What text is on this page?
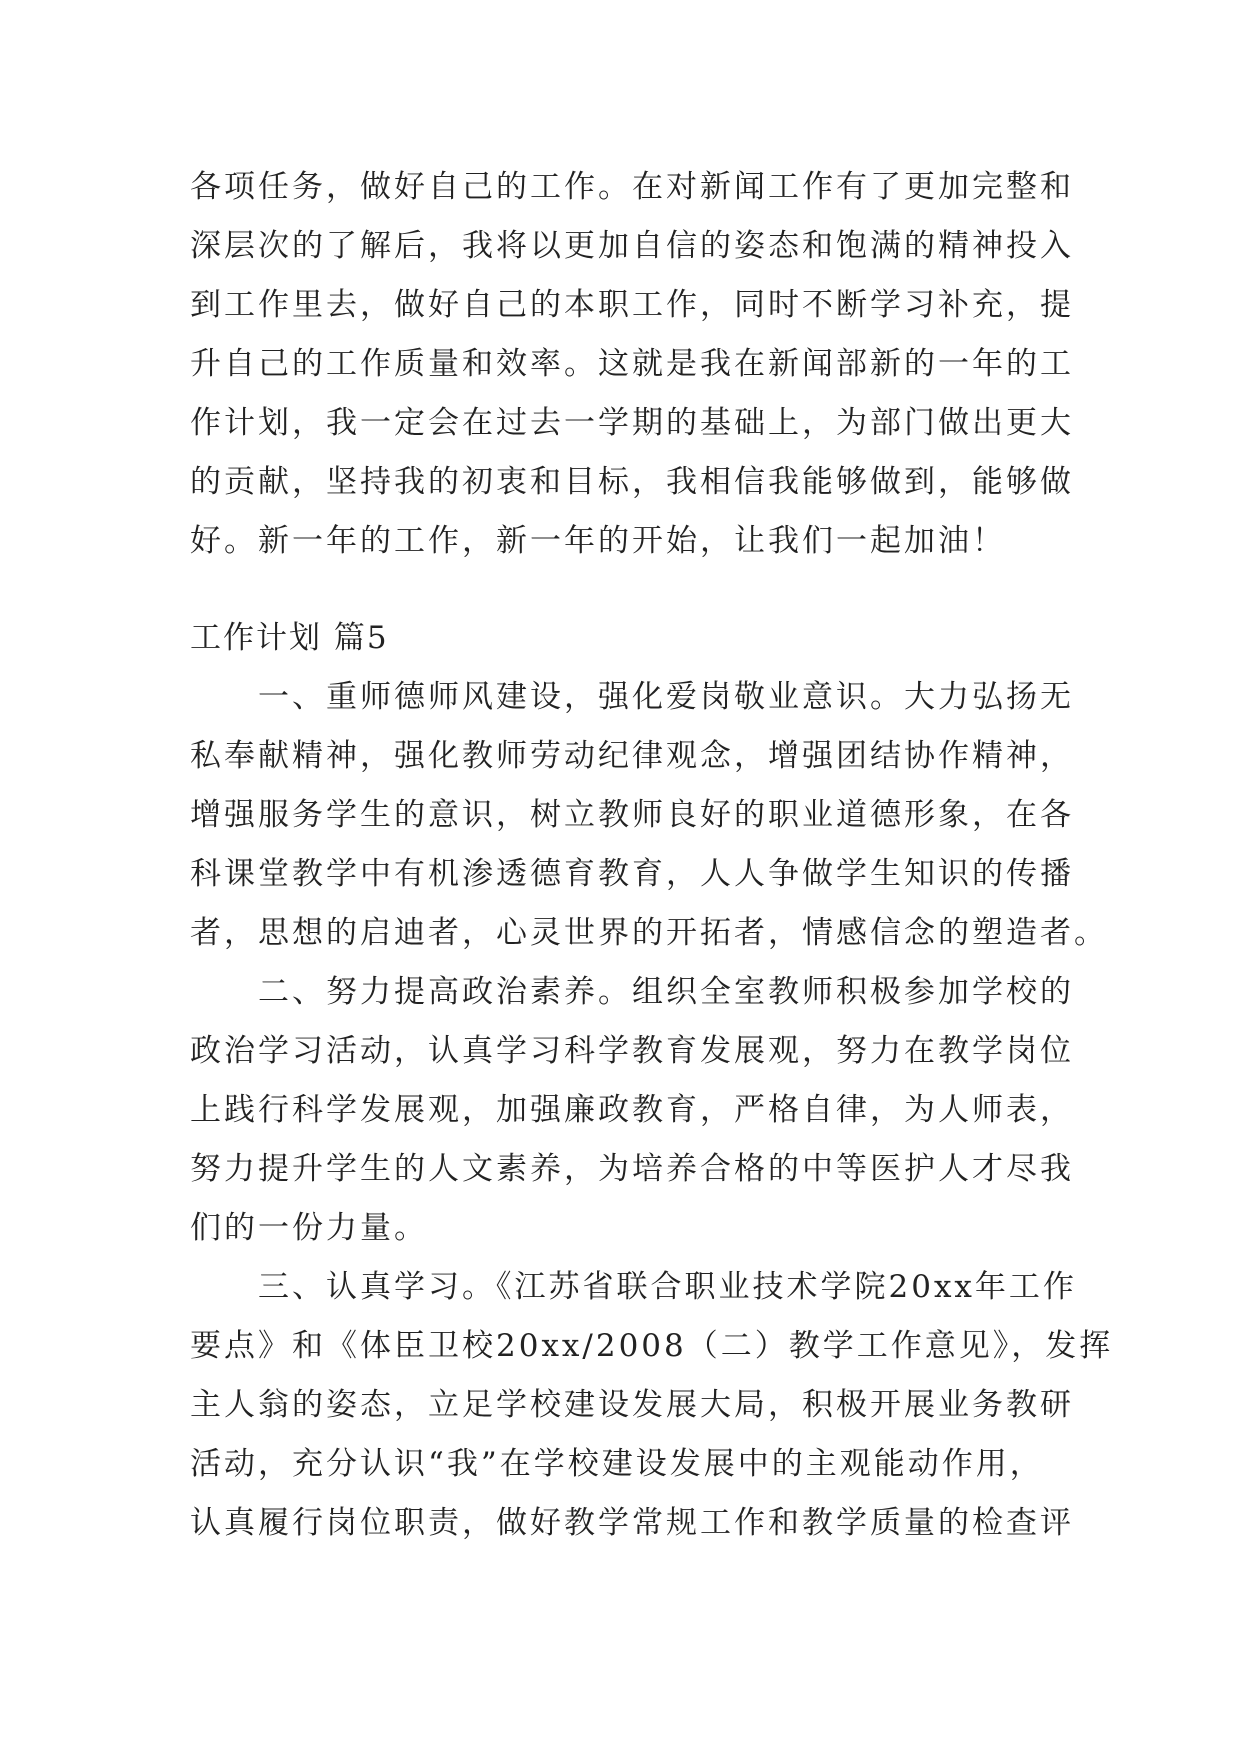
各项任务，做好自己的工作。在对新闻工作有了更加完整和
深层次的了解后，我将以更加自信的姿态和饱满的精神投入
到工作里去，做好自己的本职工作，同时不断学习补充，提
升自己的工作质量和效率。这就是我在新闻部新的一年的工
作计划，我一定会在过去一学期的基础上，为部门做出更大
的贡献，坚持我的初衷和目标，我相信我能够做到，能够做
好。新一年的工作，新一年的开始，让我们一起加油！
工作计划 篇5
　　一、重师德师风建设，强化爱岗敬业意识。大力弘扬无
私奉献精神，强化教师劳动纪律观念，增强团结协作精神，
增强服务学生的意识，树立教师良好的职业道德形象，在各
科课堂教学中有机渗透德育教育，人人争做学生知识的传播
者，思想的启迪者，心灵世界的开拓者，情感信念的塑造者。
　　二、努力提高政治素养。组织全室教师积极参加学校的
政治学习活动，认真学习科学教育发展观，努力在教学岗位
上践行科学发展观，加强廉政教育，严格自律，为人师表，
努力提升学生的人文素养，为培养合格的中等医护人才尽我
们的一份力量。
　　三、认真学习。《江苏省联合职业技术学院20xx年工作
要点》和《体臣卫校20xx/2008（二）教学工作意见》，发挥
主人翁的姿态，立足学校建设发展大局，积极开展业务教研
活动，充分认识“我”在学校建设发展中的主观能动作用，
认真履行岗位职责，做好教学常规工作和教学质量的检查评
